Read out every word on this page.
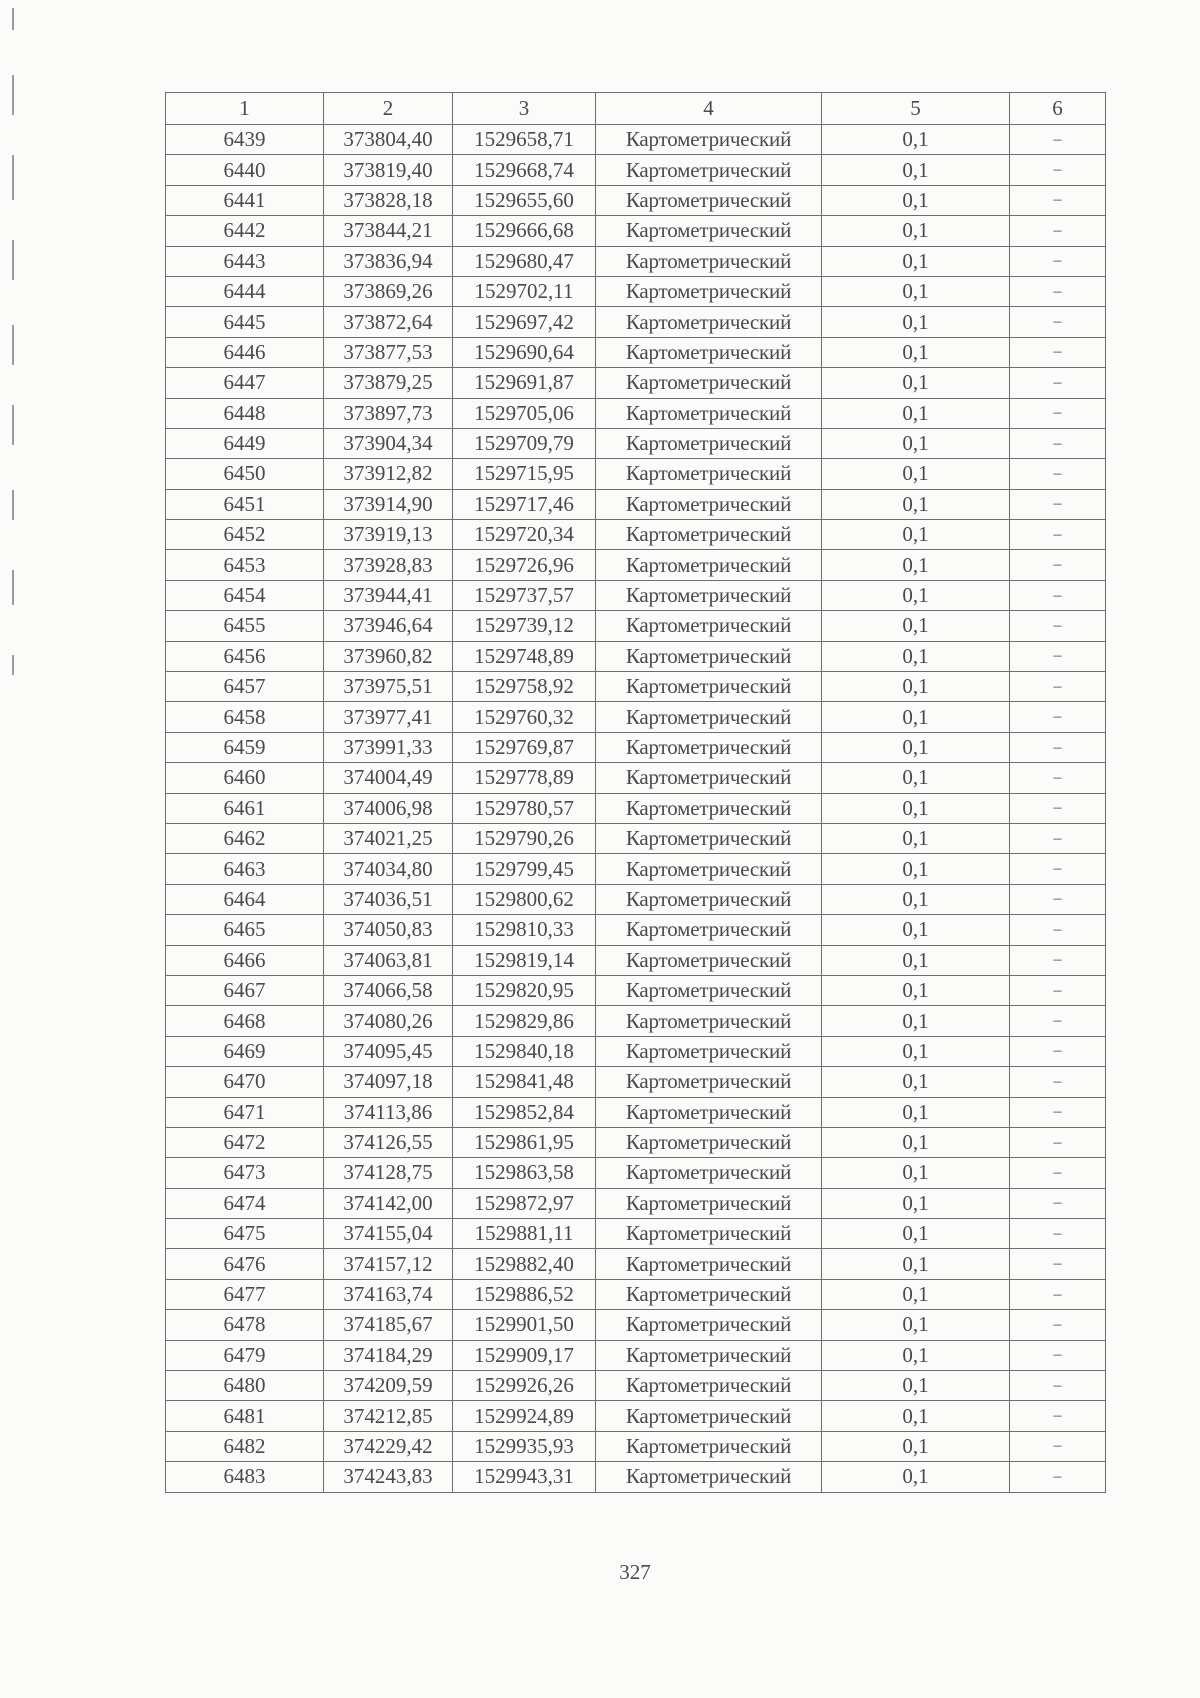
1	2	3	4	5	6
6439	373804,40	1529658,71	Картометрический	0,1	–
6440	373819,40	1529668,74	Картометрический	0,1	–
6441	373828,18	1529655,60	Картометрический	0,1	–
6442	373844,21	1529666,68	Картометрический	0,1	–
6443	373836,94	1529680,47	Картометрический	0,1	–
6444	373869,26	1529702,11	Картометрический	0,1	–
6445	373872,64	1529697,42	Картометрический	0,1	–
6446	373877,53	1529690,64	Картометрический	0,1	–
6447	373879,25	1529691,87	Картометрический	0,1	–
6448	373897,73	1529705,06	Картометрический	0,1	–
6449	373904,34	1529709,79	Картометрический	0,1	–
6450	373912,82	1529715,95	Картометрический	0,1	–
6451	373914,90	1529717,46	Картометрический	0,1	–
6452	373919,13	1529720,34	Картометрический	0,1	–
6453	373928,83	1529726,96	Картометрический	0,1	–
6454	373944,41	1529737,57	Картометрический	0,1	–
6455	373946,64	1529739,12	Картометрический	0,1	–
6456	373960,82	1529748,89	Картометрический	0,1	–
6457	373975,51	1529758,92	Картометрический	0,1	–
6458	373977,41	1529760,32	Картометрический	0,1	–
6459	373991,33	1529769,87	Картометрический	0,1	–
6460	374004,49	1529778,89	Картометрический	0,1	–
6461	374006,98	1529780,57	Картометрический	0,1	–
6462	374021,25	1529790,26	Картометрический	0,1	–
6463	374034,80	1529799,45	Картометрический	0,1	–
6464	374036,51	1529800,62	Картометрический	0,1	–
6465	374050,83	1529810,33	Картометрический	0,1	–
6466	374063,81	1529819,14	Картометрический	0,1	–
6467	374066,58	1529820,95	Картометрический	0,1	–
6468	374080,26	1529829,86	Картометрический	0,1	–
6469	374095,45	1529840,18	Картометрический	0,1	–
6470	374097,18	1529841,48	Картометрический	0,1	–
6471	374113,86	1529852,84	Картометрический	0,1	–
6472	374126,55	1529861,95	Картометрический	0,1	–
6473	374128,75	1529863,58	Картометрический	0,1	–
6474	374142,00	1529872,97	Картометрический	0,1	–
6475	374155,04	1529881,11	Картометрический	0,1	–
6476	374157,12	1529882,40	Картометрический	0,1	–
6477	374163,74	1529886,52	Картометрический	0,1	–
6478	374185,67	1529901,50	Картометрический	0,1	–
6479	374184,29	1529909,17	Картометрический	0,1	–
6480	374209,59	1529926,26	Картометрический	0,1	–
6481	374212,85	1529924,89	Картометрический	0,1	–
6482	374229,42	1529935,93	Картометрический	0,1	–
6483	374243,83	1529943,31	Картометрический	0,1	–
327
